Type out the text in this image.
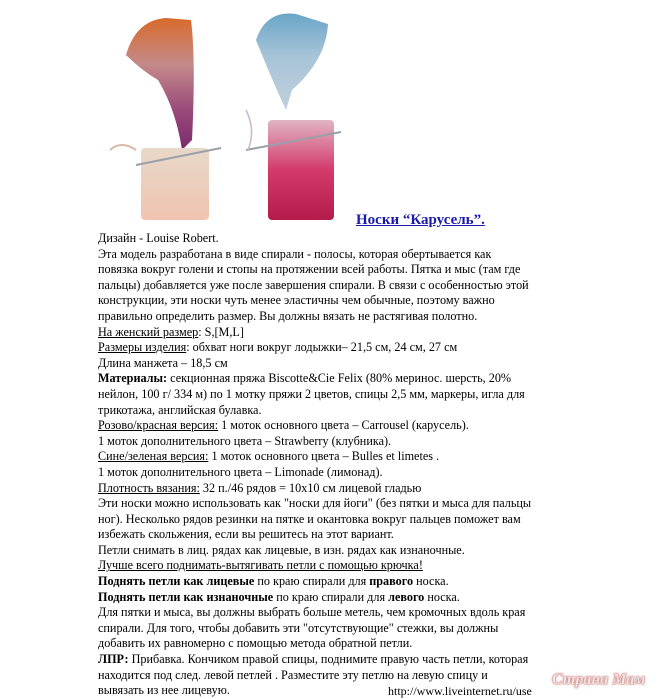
Носки “Карусель”.
Дизайн - Louise Robert.
Эта модель разработана в виде спирали - полосы, которая обертывается как
повязка вокруг голени и стопы на протяжении всей работы. Пятка и мыс (там где
пальцы) добавляется уже после завершения спирали. В связи с особенностью этой
конструкции, эти носки чуть менее эластичны чем обычные, поэтому важно
правильно определить размер. Вы должны вязать не растягивая полотно.
На женский размер: S,[M,L]
Размеры изделия: обхват ноги вокруг лодыжки– 21,5 см, 24 см, 27 см
Длина манжета – 18,5 см
Материалы: секционная пряжа Biscotte&Cie Felix (80% меринос. шерсть, 20%
нейлон, 100 г/ 334 м) по 1 мотку пряжи 2 цветов, спицы 2,5 мм, маркеры, игла для
трикотажа, английская булавка.
Розово/красная версия: 1 моток основного цвета – Carrousel (карусель).
1 моток дополнительного цвета – Strawberry (клубника).
Сине/зеленая версия: 1 моток основного цвета – Bulles et limetes .
1 моток дополнительного цвета – Limonade (лимонад).
Плотность вязания: 32 п./46 рядов = 10x10 см лицевой гладью
Эти носки можно использовать как "носки для йоги" (без пятки и мыса для пальцы
ног). Несколько рядов резинки на пятке и окантовка вокруг пальцев поможет вам
избежать скольжения, если вы решитесь на этот вариант.
Петли снимать в лиц. рядах как лицевые, в изн. рядах как изнаночные.
Лучше всего поднимать-вытягивать петли с помощью крючка!
Поднять петли как лицевые по краю спирали для правого носка.
Поднять петли как изнаночные по краю спирали для левого носка.
Для пятки и мыса, вы должны выбрать больше метель, чем кромочных вдоль края
спирали. Для того, чтобы добавить эти "отсутствующие" стежки, вы должны
добавить их равномерно с помощью метода обратной петли.
ЛПР: Прибавка. Кончиком правой спицы, поднимите правую часть петли, которая
находится под след. левой петлей . Разместите эту петлю на левую спицу и
вывязать из нее лицевую.	http://www.liveinternet.ru/use
Страна Мам
